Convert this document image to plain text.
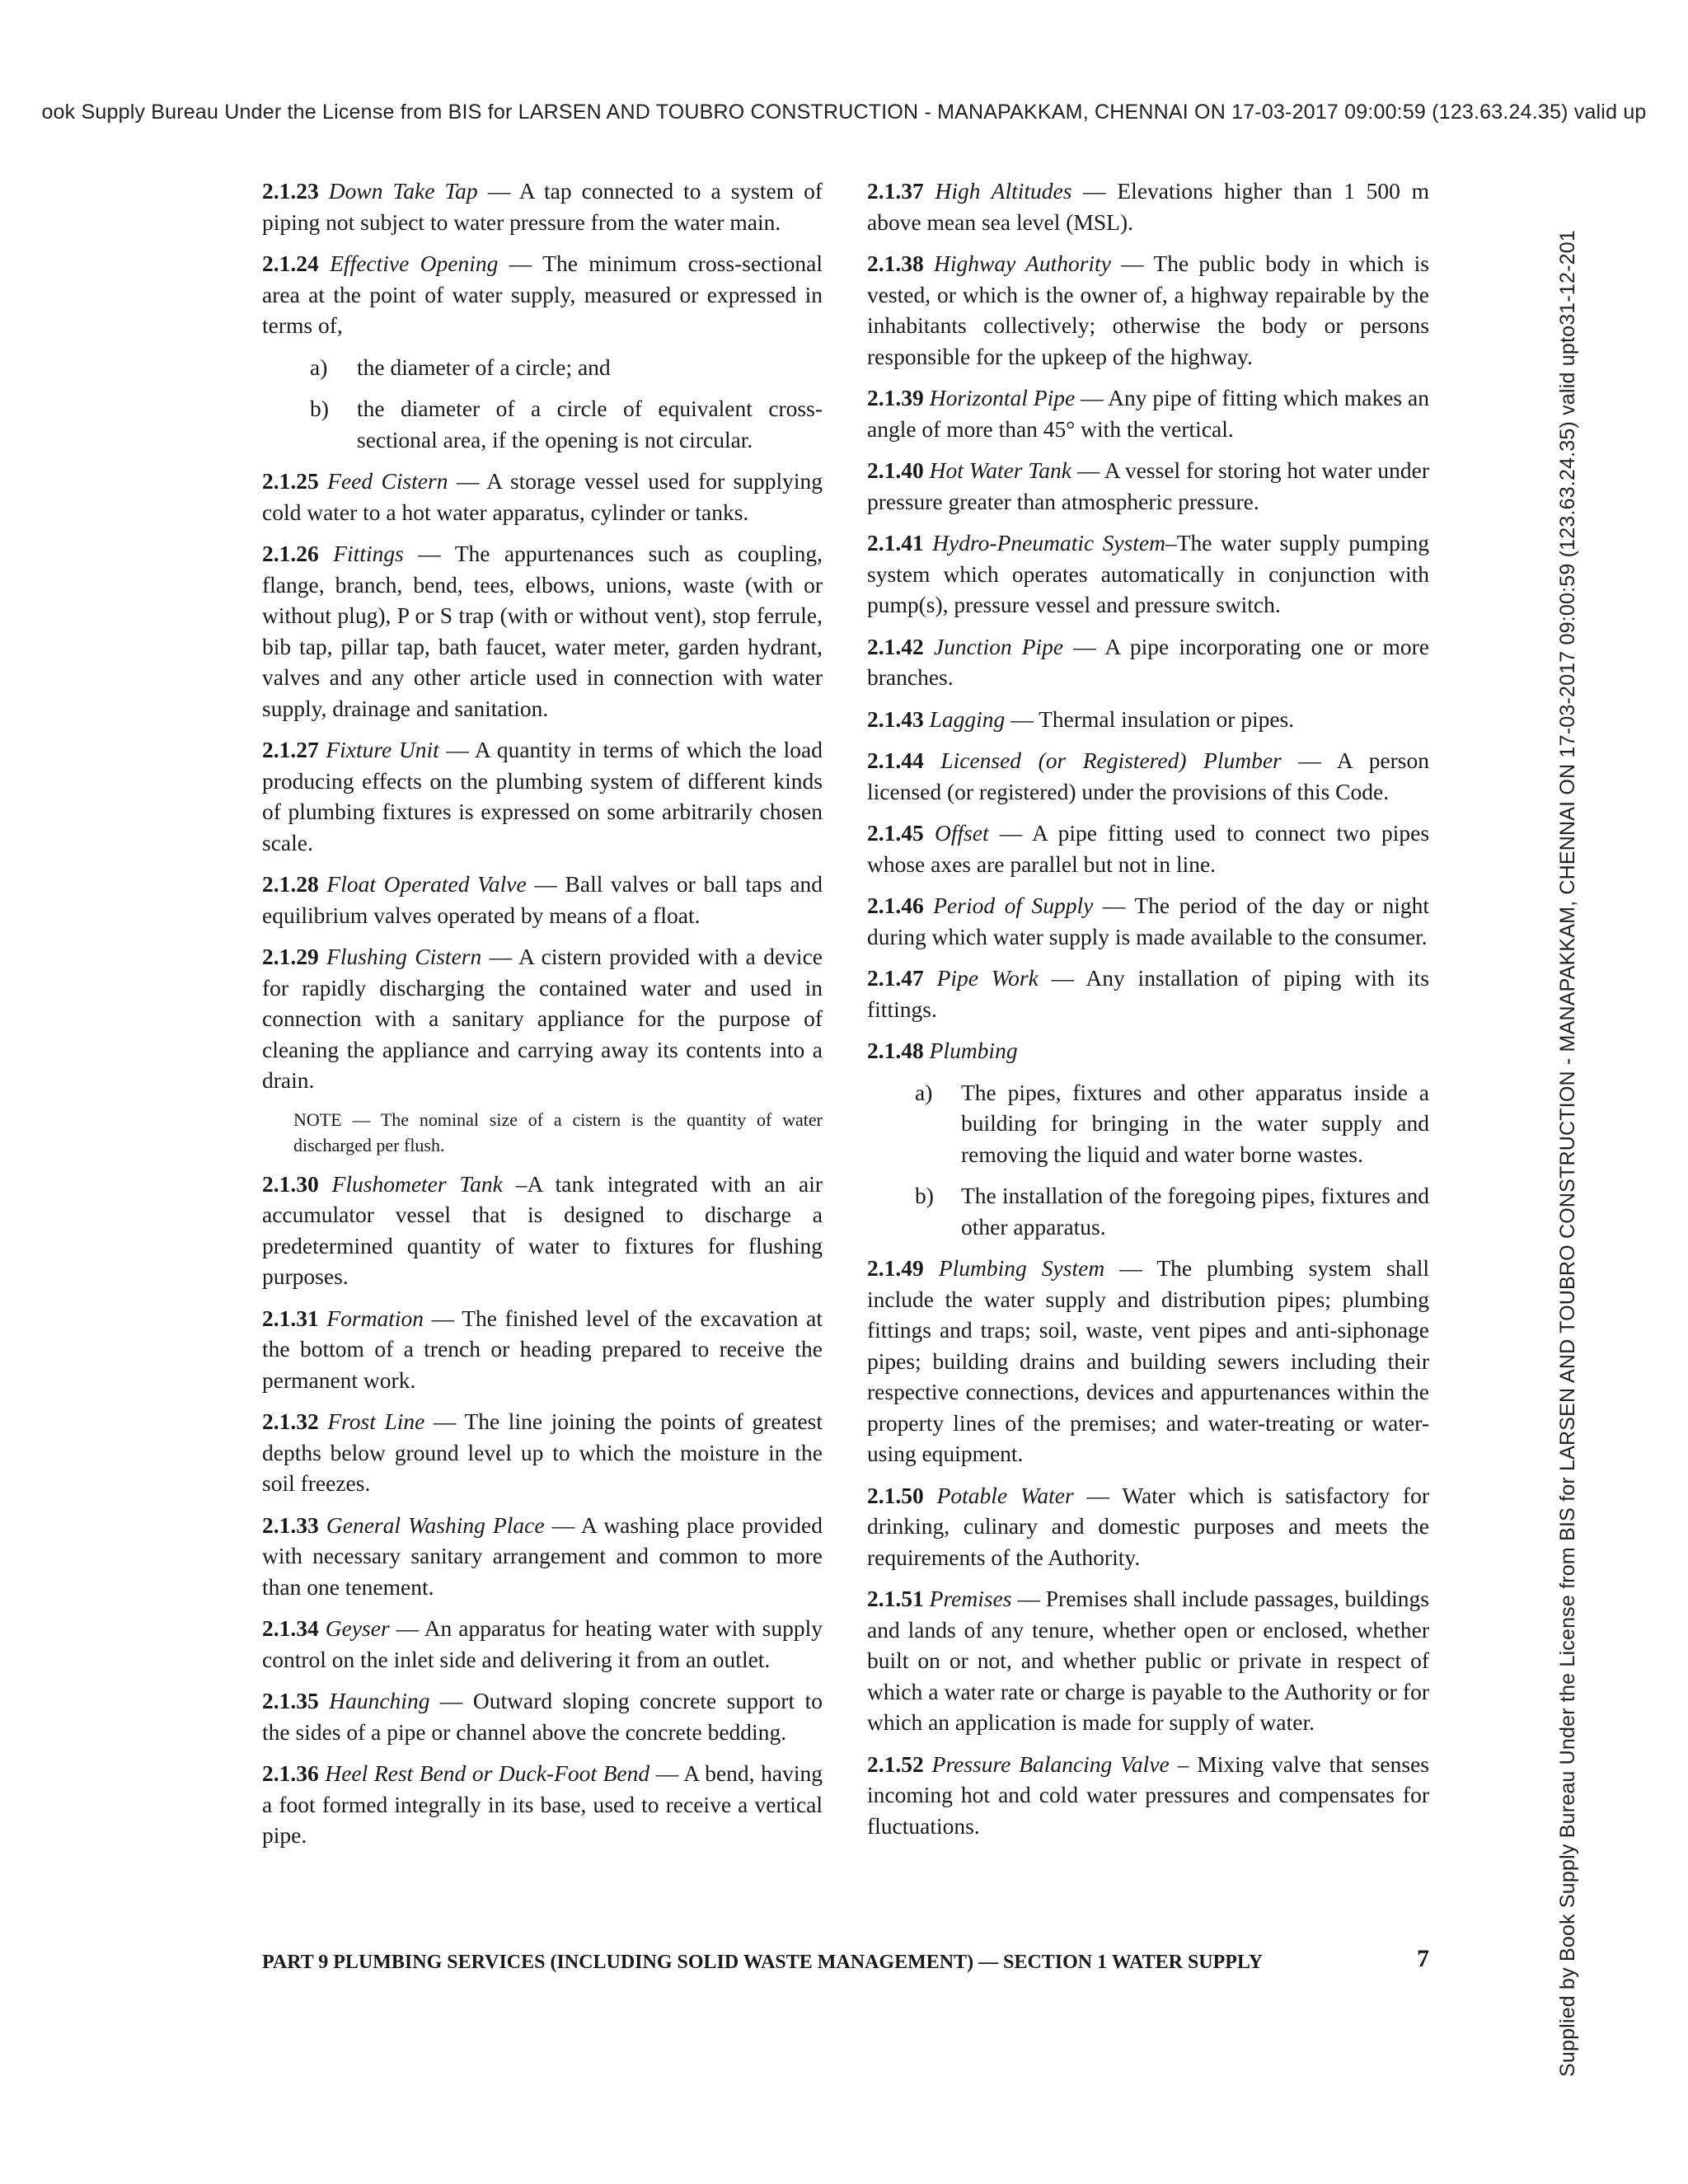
ook Supply Bureau Under the License from BIS for LARSEN AND TOUBRO CONSTRUCTION - MANAPAKKAM, CHENNAI ON 17-03-2017 09:00:59 (123.63.24.35) valid up
Supplied by Book Supply Bureau Under the License from BIS for LARSEN AND TOUBRO CONSTRUCTION - MANAPAKKAM, CHENNAI ON 17-03-2017 09:00:59 (123.63.24.35) valid upto31-12-201

2.1.23 Down Take Tap — A tap connected to a system of piping not subject to water pressure from the water main.

2.1.24 Effective Opening — The minimum cross-sectional area at the point of water supply, measured or expressed in terms of,

a) the diameter of a circle; and
b) the diameter of a circle of equivalent cross-sectional area, if the opening is not circular.

2.1.25 Feed Cistern — A storage vessel used for supplying cold water to a hot water apparatus, cylinder or tanks.

2.1.26 Fittings — The appurtenances such as coupling, flange, branch, bend, tees, elbows, unions, waste (with or without plug), P or S trap (with or without vent), stop ferrule, bib tap, pillar tap, bath faucet, water meter, garden hydrant, valves and any other article used in connection with water supply, drainage and sanitation.

2.1.27 Fixture Unit — A quantity in terms of which the load producing effects on the plumbing system of different kinds of plumbing fixtures is expressed on some arbitrarily chosen scale.

2.1.28 Float Operated Valve — Ball valves or ball taps and equilibrium valves operated by means of a float.

2.1.29 Flushing Cistern — A cistern provided with a device for rapidly discharging the contained water and used in connection with a sanitary appliance for the purpose of cleaning the appliance and carrying away its contents into a drain.

NOTE — The nominal size of a cistern is the quantity of water discharged per flush.

2.1.30 Flushometer Tank –A tank integrated with an air accumulator vessel that is designed to discharge a predetermined quantity of water to fixtures for flushing purposes.

2.1.31 Formation — The finished level of the excavation at the bottom of a trench or heading prepared to receive the permanent work.

2.1.32 Frost Line — The line joining the points of greatest depths below ground level up to which the moisture in the soil freezes.

2.1.33 General Washing Place — A washing place provided with necessary sanitary arrangement and common to more than one tenement.

2.1.34 Geyser — An apparatus for heating water with supply control on the inlet side and delivering it from an outlet.

2.1.35 Haunching — Outward sloping concrete support to the sides of a pipe or channel above the concrete bedding.

2.1.36 Heel Rest Bend or Duck-Foot Bend — A bend, having a foot formed integrally in its base, used to receive a vertical pipe.

2.1.37 High Altitudes — Elevations higher than 1 500 m above mean sea level (MSL).

2.1.38 Highway Authority — The public body in which is vested, or which is the owner of, a highway repairable by the inhabitants collectively; otherwise the body or persons responsible for the upkeep of the highway.

2.1.39 Horizontal Pipe — Any pipe of fitting which makes an angle of more than 45° with the vertical.

2.1.40 Hot Water Tank — A vessel for storing hot water under pressure greater than atmospheric pressure.

2.1.41 Hydro-Pneumatic System–The water supply pumping system which operates automatically in conjunction with pump(s), pressure vessel and pressure switch.

2.1.42 Junction Pipe — A pipe incorporating one or more branches.

2.1.43 Lagging — Thermal insulation or pipes.

2.1.44 Licensed (or Registered) Plumber — A person licensed (or registered) under the provisions of this Code.

2.1.45 Offset — A pipe fitting used to connect two pipes whose axes are parallel but not in line.

2.1.46 Period of Supply — The period of the day or night during which water supply is made available to the consumer.

2.1.47 Pipe Work — Any installation of piping with its fittings.

2.1.48 Plumbing

a) The pipes, fixtures and other apparatus inside a building for bringing in the water supply and removing the liquid and water borne wastes.
b) The installation of the foregoing pipes, fixtures and other apparatus.

2.1.49 Plumbing System — The plumbing system shall include the water supply and distribution pipes; plumbing fittings and traps; soil, waste, vent pipes and anti-siphonage pipes; building drains and building sewers including their respective connections, devices and appurtenances within the property lines of the premises; and water-treating or water-using equipment.

2.1.50 Potable Water — Water which is satisfactory for drinking, culinary and domestic purposes and meets the requirements of the Authority.

2.1.51 Premises — Premises shall include passages, buildings and lands of any tenure, whether open or enclosed, whether built on or not, and whether public or private in respect of which a water rate or charge is payable to the Authority or for which an application is made for supply of water.

2.1.52 Pressure Balancing Valve – Mixing valve that senses incoming hot and cold water pressures and compensates for fluctuations.

PART 9 PLUMBING SERVICES (INCLUDING SOLID WASTE MANAGEMENT) — SECTION 1 WATER SUPPLY	7
